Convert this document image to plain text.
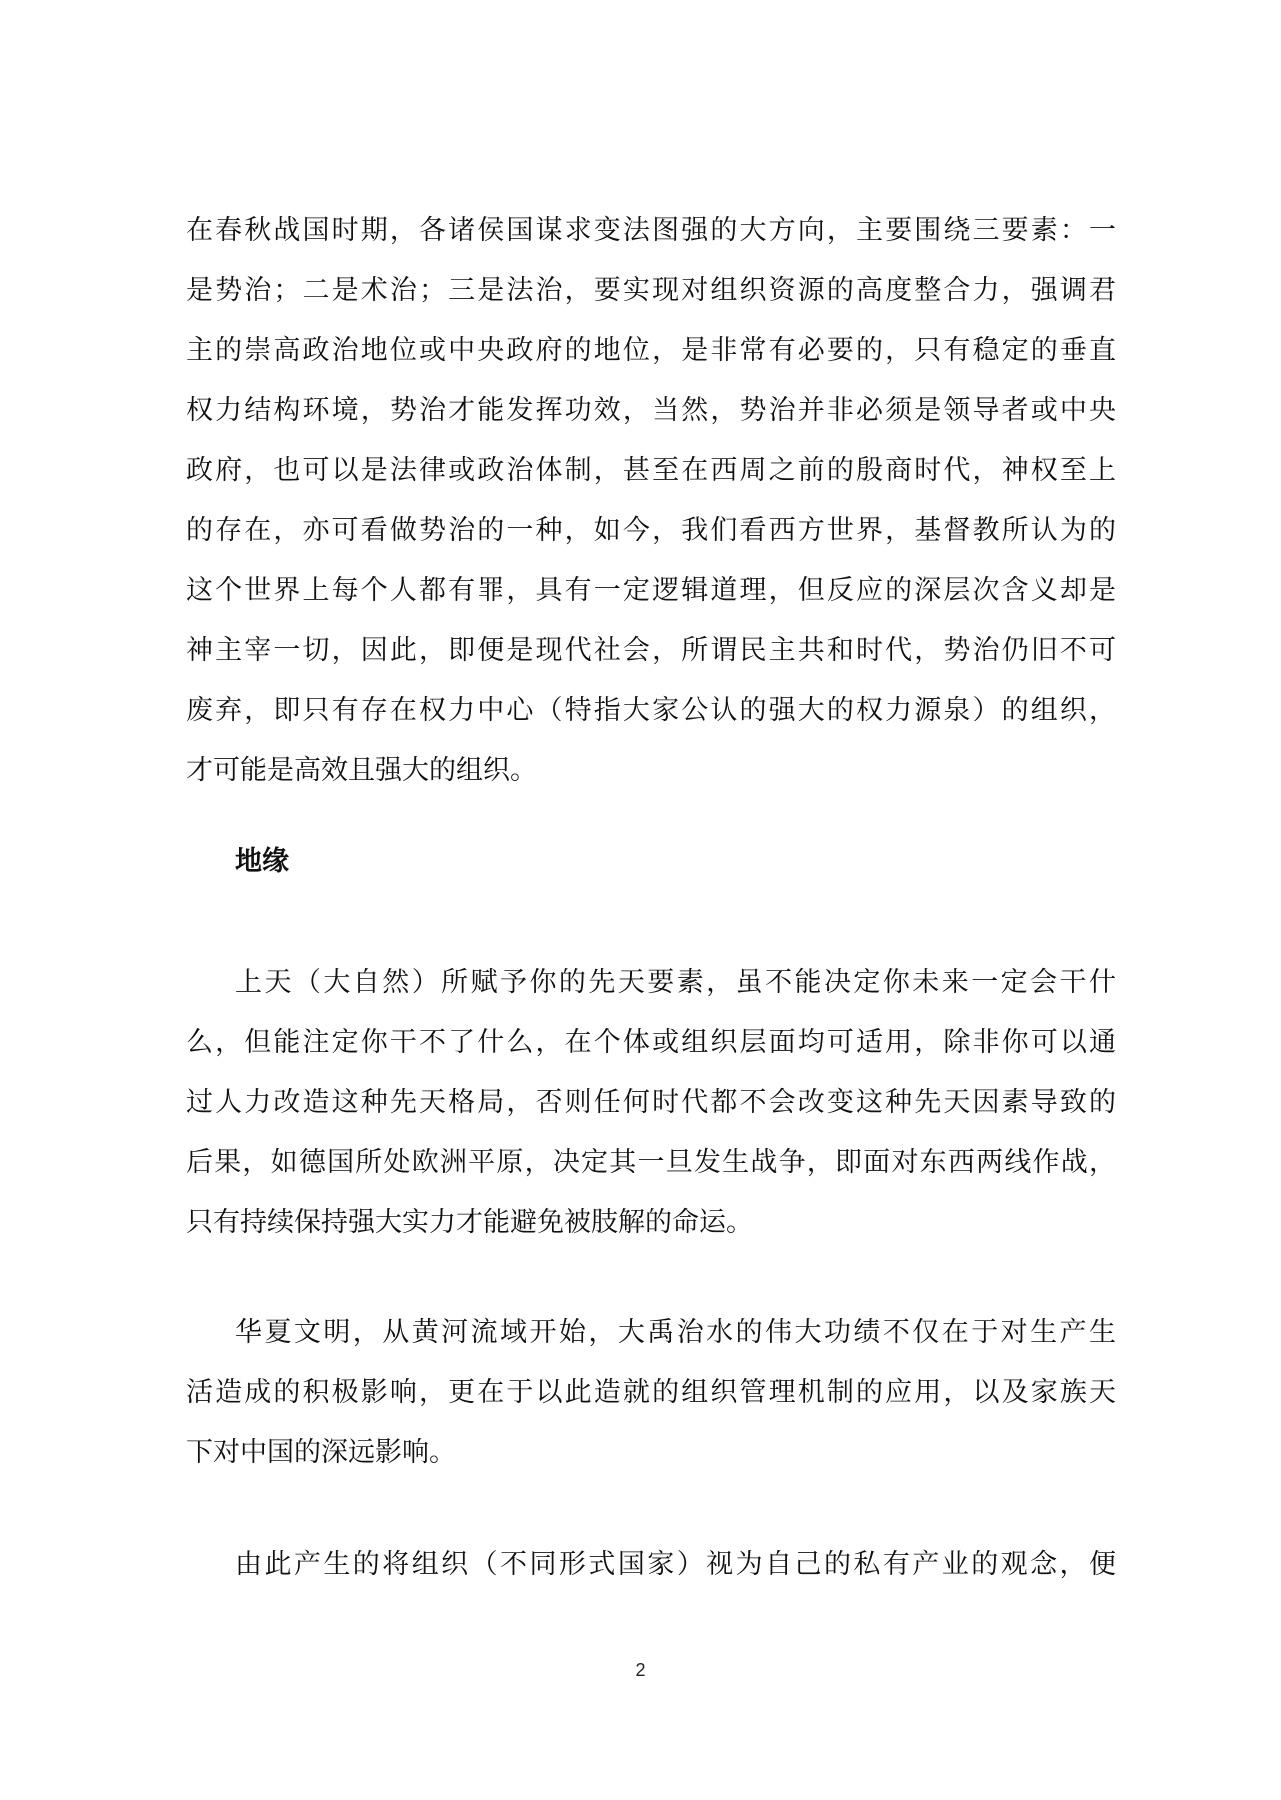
在春秋战国时期，各诸侯国谋求变法图强的大方向，主要围绕三要素：一
是势治；二是术治；三是法治，要实现对组织资源的高度整合力，强调君
主的崇高政治地位或中央政府的地位，是非常有必要的，只有稳定的垂直
权力结构环境，势治才能发挥功效，当然，势治并非必须是领导者或中央
政府，也可以是法律或政治体制，甚至在西周之前的殷商时代，神权至上
的存在，亦可看做势治的一种，如今，我们看西方世界，基督教所认为的
这个世界上每个人都有罪，具有一定逻辑道理，但反应的深层次含义却是
神主宰一切，因此，即便是现代社会，所谓民主共和时代，势治仍旧不可
废弃，即只有存在权力中心（特指大家公认的强大的权力源泉）的组织，
才可能是高效且强大的组织。
地缘
上天（大自然）所赋予你的先天要素，虽不能决定你未来一定会干什
么，但能注定你干不了什么，在个体或组织层面均可适用，除非你可以通
过人力改造这种先天格局，否则任何时代都不会改变这种先天因素导致的
后果，如德国所处欧洲平原，决定其一旦发生战争，即面对东西两线作战，
只有持续保持强大实力才能避免被肢解的命运。
华夏文明，从黄河流域开始，大禹治水的伟大功绩不仅在于对生产生
活造成的积极影响，更在于以此造就的组织管理机制的应用，以及家族天
下对中国的深远影响。
由此产生的将组织（不同形式国家）视为自己的私有产业的观念，便
2
